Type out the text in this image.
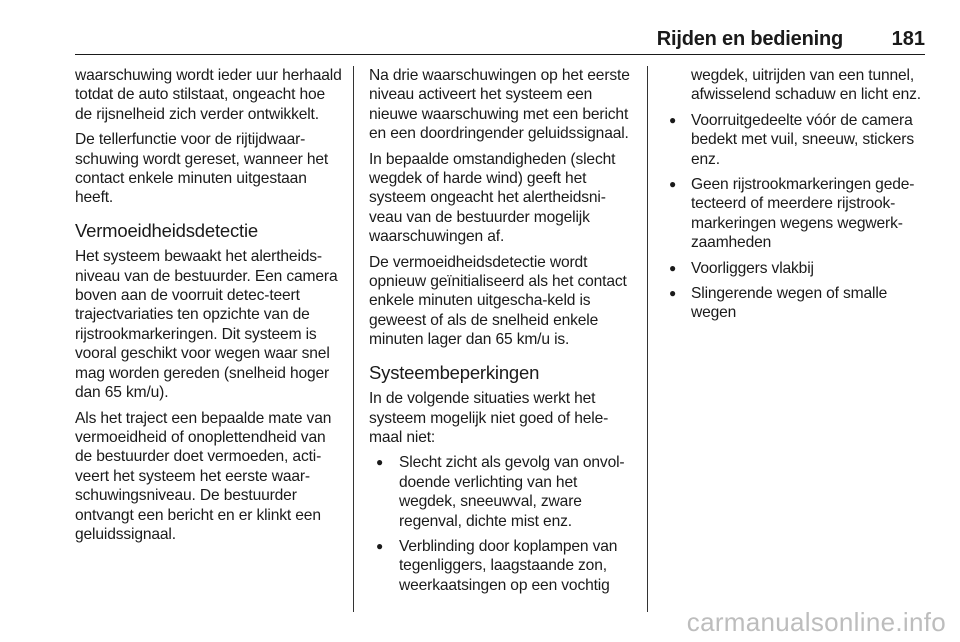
Rijden en bediening 181

waarschuwing wordt ieder uur herhaald totdat de auto stilstaat, ongeacht hoe de rijsnelheid zich verder ontwikkelt.

De tellerfunctie voor de rijtijdwaar-schuwing wordt gereset, wanneer het contact enkele minuten uitgestaan heeft.

Vermoeidheidsdetectie

Het systeem bewaakt het alertheids-niveau van de bestuurder. Een camera boven aan de voorruit detec-teert trajectvariaties ten opzichte van de rijstrookmarkeringen. Dit systeem is vooral geschikt voor wegen waar snel mag worden gereden (snelheid hoger dan 65 km/u).

Als het traject een bepaalde mate van vermoeidheid of onoplettendheid van de bestuurder doet vermoeden, acti-veert het systeem het eerste waar-schuwingsniveau. De bestuurder ontvangt een bericht en er klinkt een geluidssignaal.

Na drie waarschuwingen op het eerste niveau activeert het systeem een nieuwe waarschuwing met een bericht en een doordringender geluidssignaal.

In bepaalde omstandigheden (slecht wegdek of harde wind) geeft het systeem ongeacht het alertheidsni-veau van de bestuurder mogelijk waarschuwingen af.

De vermoeidheidsdetectie wordt opnieuw geïnitialiseerd als het contact enkele minuten uitgescha-keld is geweest of als de snelheid enkele minuten lager dan 65 km/u is.

Systeembeperkingen

In de volgende situaties werkt het systeem mogelijk niet goed of hele-maal niet:

● Slecht zicht als gevolg van onvol-doende verlichting van het wegdek, sneeuwval, zware regenval, dichte mist enz.
● Verblinding door koplampen van tegenliggers, laagstaande zon, weerkaatsingen op een vochtig

wegdek, uitrijden van een tunnel, afwisselend schaduw en licht enz.

● Voorruitgedeelte vóór de camera bedekt met vuil, sneeuw, stickers enz.
● Geen rijstrookmarkeringen gede-tecteerd of meerdere rijstrook-markeringen wegens wegwerk-zaamheden
● Voorliggers vlakbij
● Slingerende wegen of smalle wegen
carmanualsonline.info
